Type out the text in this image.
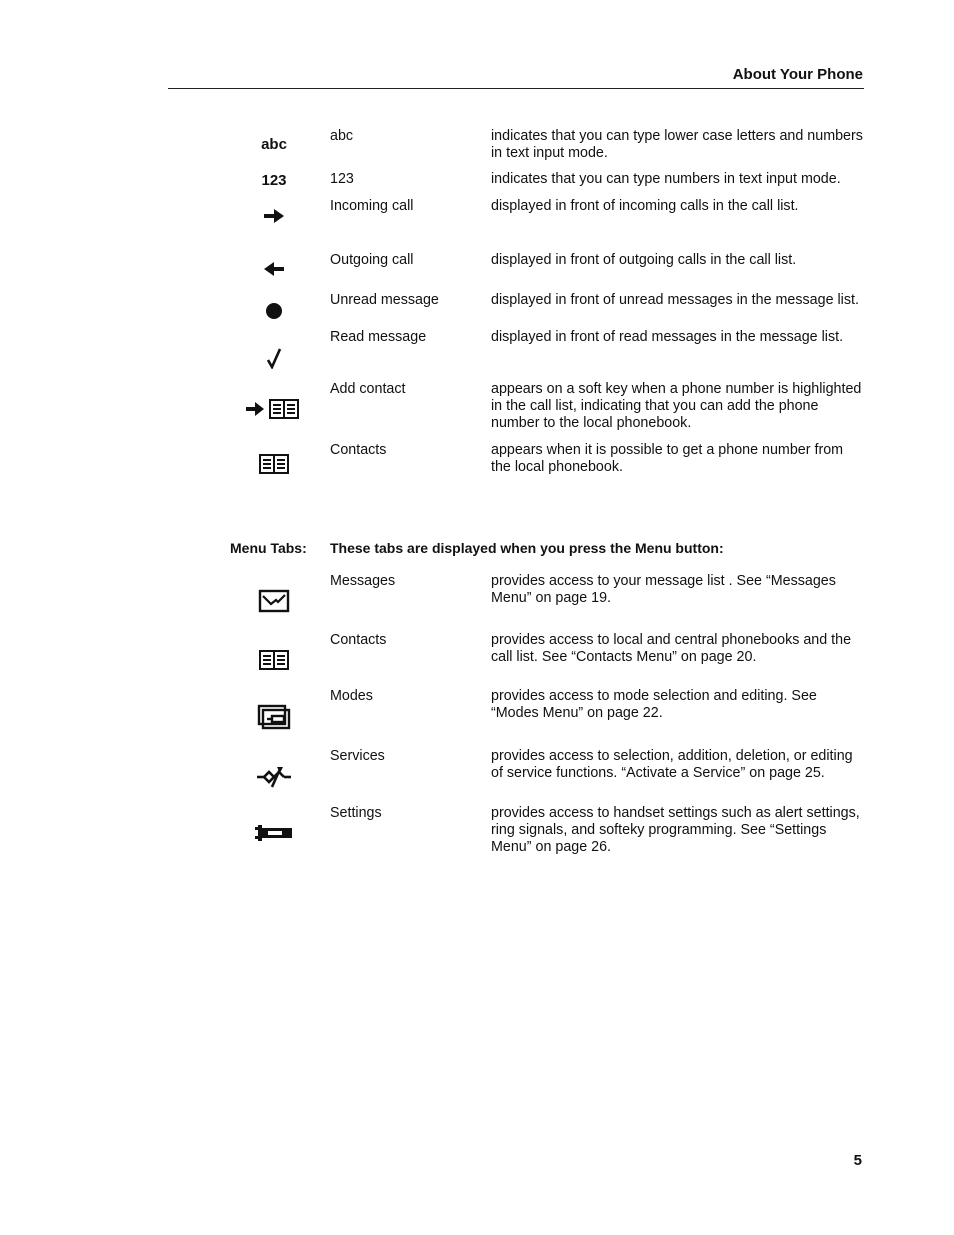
About Your Phone
abc	abc	indicates that you can type lower case letters and numbers in text input mode.
123	123	indicates that you can type numbers in text input mode.
Incoming call	displayed in front of incoming calls in the call list.
Outgoing call	displayed in front of outgoing calls in the call list.
Unread message	displayed in front of unread messages in the message list.
Read message	displayed in front of read messages in the message list.
Add contact	appears on a soft key when a phone number is highlighted in the call list, indicating that you can add the phone number to the local phonebook.
Contacts	appears when it is possible to get a phone number from the local phonebook.
Menu Tabs: These tabs are displayed when you press the Menu button:
Messages	provides access to your message list . See “Messages Menu” on page 19.
Contacts	provides access to local and central phonebooks and the call list. See “Contacts Menu” on page 20.
Modes	provides access to mode selection and editing. See “Modes Menu” on page 22.
Services	provides access to selection, addition, deletion, or editing of service functions. “Activate a Service” on page 25.
Settings	provides access to handset settings such as alert settings, ring signals, and softeky programming. See “Settings Menu” on page 26.
5
